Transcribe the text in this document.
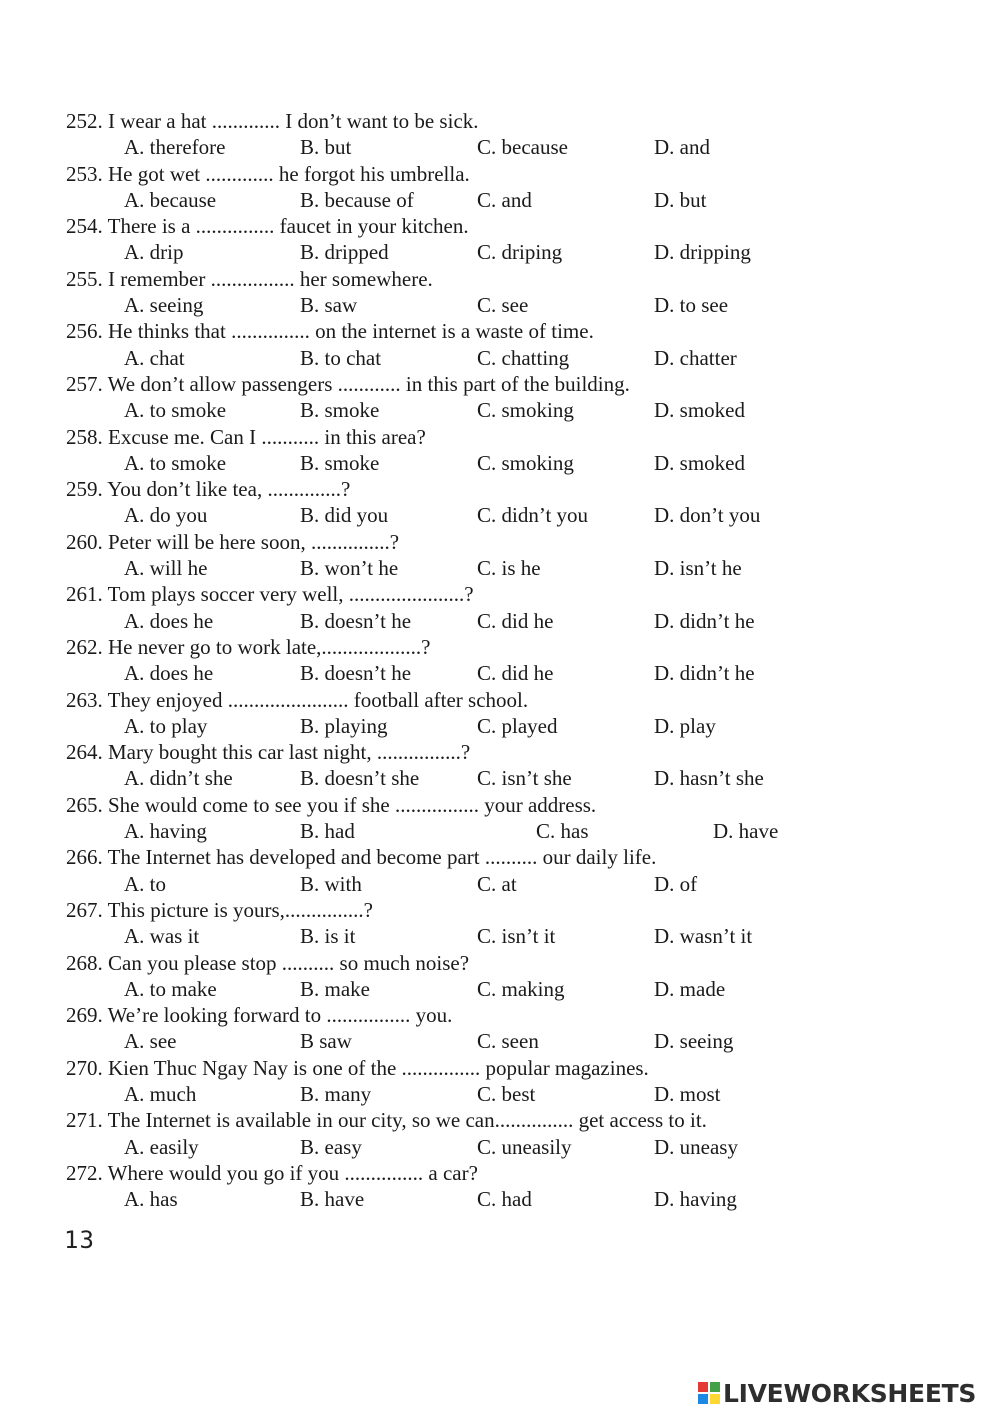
252. I wear a hat ............. I don’t want to be sick.
A. therefore	B. but	C. because	D. and
253. He got wet ............. he forgot his umbrella.
A. because	B. because of	C. and	D. but
254. There is a ............... faucet in your kitchen.
A. drip	B. dripped	C. driping	D. dripping
255. I remember ................ her somewhere.
A. seeing	B. saw	C. see	D. to see
256. He thinks that ............... on the internet is a waste of time.
A. chat	B. to chat	C. chatting	D. chatter
257. We don’t allow passengers ............ in this part of the building.
A. to smoke	B. smoke	C. smoking	D. smoked
258. Excuse me. Can I ........... in this area?
A. to smoke	B. smoke	C. smoking	D. smoked
259. You don’t like tea, ..............?
A. do you	B. did you	C. didn’t you	D. don’t you
260. Peter will be here soon, ...............?
A. will he	B. won’t he	C. is he	D. isn’t he
261. Tom plays soccer very well, ......................?
A. does he	B. doesn’t he	C. did he	D. didn’t he
262. He never go to work late,...................?
A. does he	B. doesn’t he	C. did he	D. didn’t he
263. They enjoyed ....................... football after school.
A. to play	B. playing	C. played	D. play
264. Mary bought this car last night, ................?
A. didn’t she	B. doesn’t she	C. isn’t she	D. hasn’t she
265. She would come to see you if she ................ your address.
A. having	B. had	C. has	D. have
266. The Internet has developed and become part .......... our daily life.
A. to	B. with	C. at	D. of
267. This picture is yours,...............?
A. was it	B. is it	C. isn’t it	D. wasn’t it
268. Can you please stop .......... so much noise?
A. to make	B. make	C. making	D. made
269. We’re looking forward to ................ you.
A. see	B saw	C. seen	D. seeing
270. Kien Thuc Ngay Nay is one of the ............... popular magazines.
A. much	B. many	C. best	D. most
271. The Internet is available in our city, so we can............... get access to it.
A. easily	B. easy	C. uneasily	D. uneasy
272. Where would you go if you ............... a car?
A. has	B. have	C. had	D. having
13
LIVEWORKSHEETS
